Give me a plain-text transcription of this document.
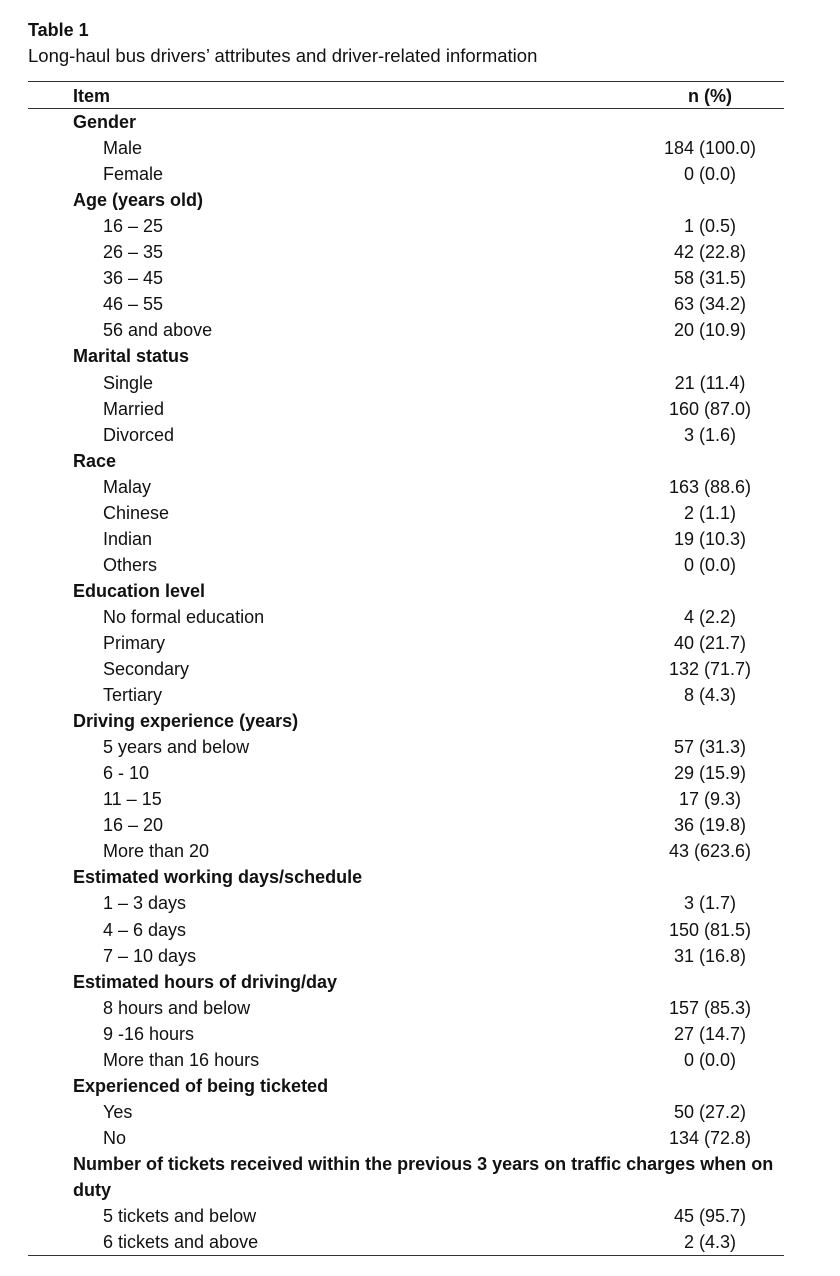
Table 1
Long-haul bus drivers’ attributes and driver-related information
Item	n (%)
Gender
Male	184 (100.0)
Female	0 (0.0)
Age (years old)
16 – 25	1 (0.5)
26 – 35	42 (22.8)
36 – 45	58 (31.5)
46 – 55	63 (34.2)
56 and above	20 (10.9)
Marital status
Single	21 (11.4)
Married	160 (87.0)
Divorced	3 (1.6)
Race
Malay	163 (88.6)
Chinese	2 (1.1)
Indian	19 (10.3)
Others	0 (0.0)
Education level
No formal education	4 (2.2)
Primary	40 (21.7)
Secondary	132 (71.7)
Tertiary	8 (4.3)
Driving experience (years)
5 years and below	57 (31.3)
6 - 10	29 (15.9)
11 – 15	17 (9.3)
16 – 20	36 (19.8)
More than 20	43 (623.6)
Estimated working days/schedule
1 – 3 days	3 (1.7)
4 – 6 days	150 (81.5)
7 – 10 days	31 (16.8)
Estimated hours of driving/day
8 hours and below	157 (85.3)
9 -16 hours	27 (14.7)
More than 16 hours	0 (0.0)
Experienced of being ticketed
Yes	50 (27.2)
No	134 (72.8)
Number of tickets received within the previous 3 years on traffic charges when on duty
5 tickets and below	45 (95.7)
6 tickets and above	2 (4.3)
